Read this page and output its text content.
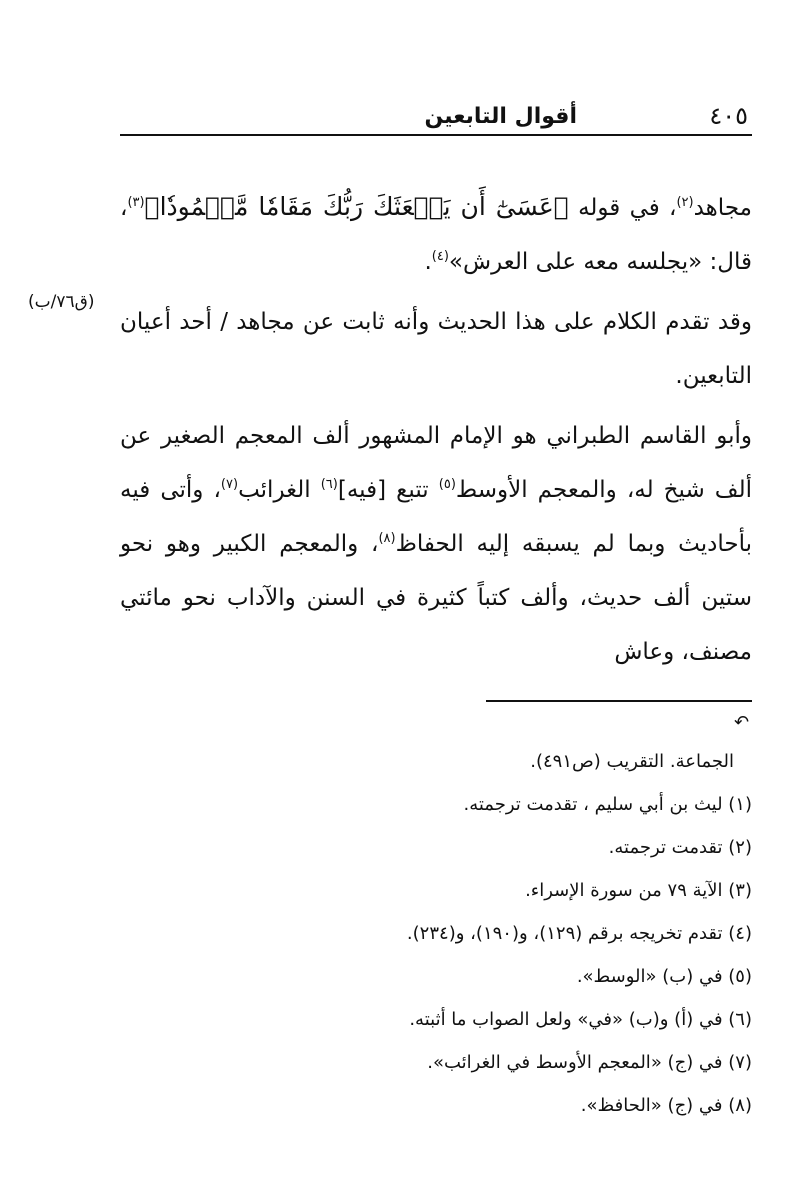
٤٠٥
أقوال التابعين
(ق٧٦/ب)

مجاهد$^{(٢)}$، في قوله ﴿عَسَىٰٓ أَن يَبۡعَثَكَ رَبُّكَ مَقَامٗا مَّحۡمُودٗا﴾$^{(٣)}$، قال: «يجلسه معه على العرش»$^{(٤)}$.

وقد تقدم الكلام على هذا الحديث وأنه ثابت عن مجاهد / أحد أعيان التابعين.

وأبو القاسم الطبراني هو الإمام المشهور ألف المعجم الصغير عن ألف شيخ له، والمعجم الأوسط$^{(٥)}$ تتبع [فيه]$^{(٦)}$ الغرائب$^{(٧)}$، وأتى فيه بأحاديث وبما لم يسبقه إليه الحفاظ$^{(٨)}$، والمعجم الكبير وهو نحو ستين ألف حديث، وألف كتباً كثيرة في السنن والآداب نحو مائتي مصنف، وعاش

↶
الجماعة. التقريب (ص٤٩١).
(١) ليث بن أبي سليم ، تقدمت ترجمته.
(٢) تقدمت ترجمته.
(٣) الآية ٧٩ من سورة الإسراء.
(٤) تقدم تخريجه برقم (١٢٩)، و(١٩٠)، و(٢٣٤).
(٥) في (ب) «الوسط».
(٦) في (أ) و(ب) «في» ولعل الصواب ما أثبته.
(٧) في (ج) «المعجم الأوسط في الغرائب».
(٨) في (ج) «الحافظ».
